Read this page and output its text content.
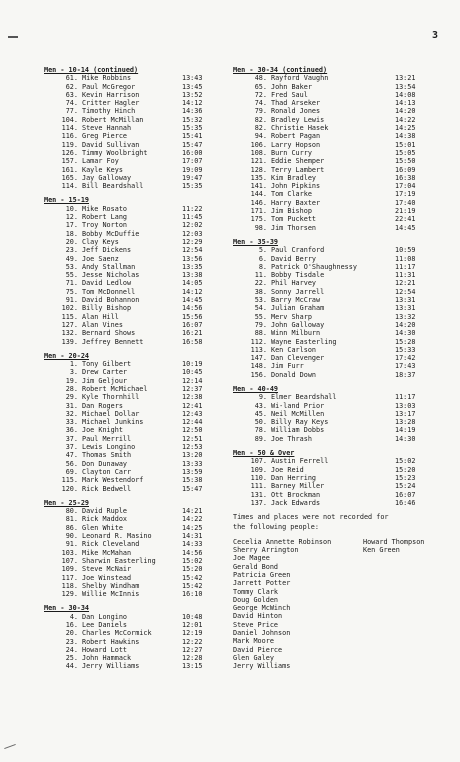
3
Men - 10-14 (continued)
61. Mike Robbins	13:43
62. Paul McGregor	13:45
63. Kevin Harrison	13:52
74. Critter Hagler	14:12
77. Timothy Hinch	14:36
104. Robert McMillan	15:32
114. Steve Hannah	15:35
116. Greg Pierce	15:41
119. David Sullivan	15:47
126. Timmy Woolbright	16:00
157. Lamar Foy	17:07
161. Kayle Keys	19:09
165. Jay Galloway	19:47
114. Bill Beardshall	15:35
Men - 15-19
10. Mike Rosato	11:22
12. Robert Lang	11:45
17. Troy Norton	12:02
18. Bobby McDuffie	12:03
20. Clay Keys	12:29
23. Jeff Dickens	12:54
49. Joe Saenz	13:56
53. Andy Stallman	13:35
55. Jesse Nicholas	13:38
71. David Ledlow	14:05
75. Tom McDonnell	14:12
91. David Bohannon	14:45
102. Billy Bishop	14:56
115. Alan Hill	15:56
127. Alan Vines	16:07
132. Bernard Shows	16:21
139. Jeffrey Bennett	16:58
Men - 20-24
1. Tony Gilbert	10:19
3. Drew Carter	10:45
19. Jim Geljour	12:14
28. Robert McMichael	12:37
29. Kyle Thornhill	12:38
31. Dan Rogers	12:41
32. Michael Dollar	12:43
33. Michael Junkins	12:44
36. Joe Knight	12:50
37. Paul Merrill	12:51
37. Lewis Longino	12:53
47. Thomas Smith	13:20
56. Don Dunaway	13:33
69. Clayton Carr	13:59
115. Mark Westendorf	15:38
120. Rick Bedwell	15:47
Men - 25-29
80. David Ruple	14:21
81. Rick Maddox	14:22
86. Glen White	14:25
90. Leonard R. Masino	14:31
91. Rick Cleveland	14:33
103. Mike McMahan	14:56
107. Sharwin Easterling	15:02
109. Steve McNair	15:20
117. Joe Winstead	15:42
118. Shelby Windham	15:42
129. Willie McInnis	16:10
Men - 30-34
4. Dan Longino	10:48
16. Lee Daniels	12:01
20. Charles McCormick	12:19
23. Robert Hawkins	12:22
24. Howard Lott	12:27
25. John Hammack	12:28
44. Jerry Williams	13:15
Men - 30-34 (continued)
48. Rayford Vaughn	13:21
65. John Baker	13:54
72. Fred Saul	14:08
74. Thad Arseker	14:13
79. Ronald Jones	14:20
82. Bradley Lewis	14:22
82. Christie Hasek	14:25
94. Robert Pagan	14:38
106. Larry Hopson	15:01
108. Burn Curry	15:05
121. Eddie Shemper	15:50
128. Terry Lambert	16:09
135. Kim Bradley	16:38
141. John Pipkins	17:04
144. Tom Clarke	17:19
146. Harry Baxter	17:40
171. Jim Bishop	21:19
175. Tom Puckett	22:41
98. Jim Thorsen	14:45
Men - 35-39
5. Paul Cranford	10:59
6. David Berry	11:08
8. Patrick O'Shaughnessy	11:17
11. Bobby Tisdale	11:31
22. Phil Harvey	12:21
38. Sonny Jarrell	12:54
53. Barry McCraw	13:31
54. Julian Graham	13:31
55. Merv Sharp	13:32
79. John Galloway	14:20
88. Winn Milburn	14:30
112. Wayne Easterling	15:28
113. Ken Carlson	15:33
147. Dan Clevenger	17:42
148. Jim Furr	17:43
156. Donald Down	18:37
Men - 40-49
9. Elmer Beardshall	11:17
43. Wi-land Prior	13:03
45. Neil McMillen	13:17
50. Billy Ray Keys	13:28
78. William Dobbs	14:19
89. Joe Thrash	14:30
Men - 50 & Over
107. Austin Ferrell	15:02
109. Joe Reid	15:20
110. Dan Herring	15:23
111. Barney Miller	15:24
131. Ott Brockman	16:07
137. Jack Edwards	16:46
Times and places were not recorded for
the following people:
Cecelia Annette Robinson	Howard Thompson
Sherry Arrington	Ken Green
Joe Magee
Gerald Bond
Patricia Green
Jarrett Potter
Tommy Clark
Doug Golden
George McWinch
David Hinton
Steve Price
Daniel Johnson
Mark Moore
David Pierce
Glen Galey
Jerry Williams
